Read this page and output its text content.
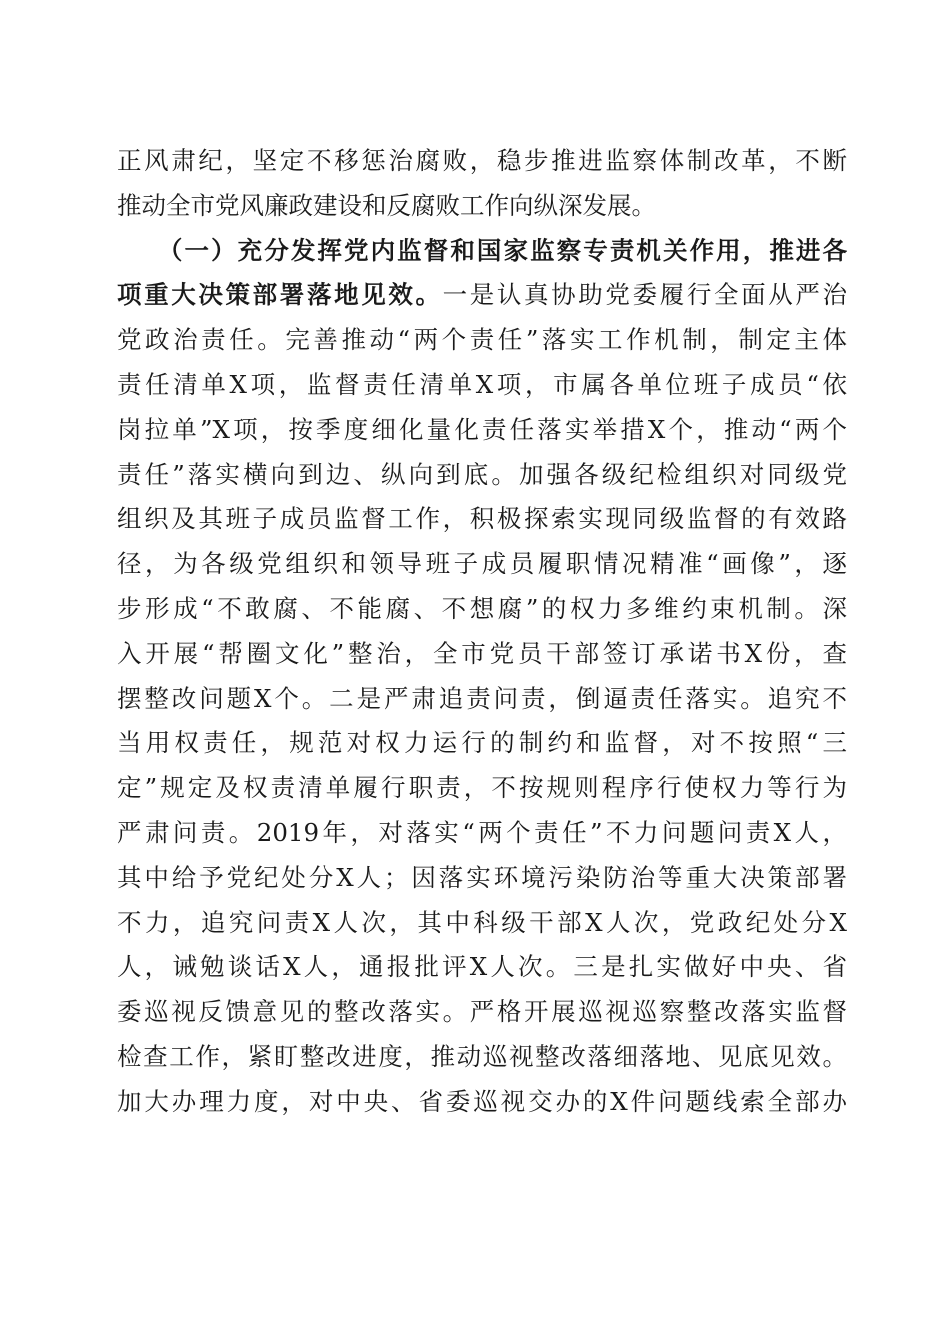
正风肃纪，坚定不移惩治腐败，稳步推进监察体制改革，不断
推动全市党风廉政建设和反腐败工作向纵深发展。
　　（一）充分发挥党内监督和国家监察专责机关作用，推进各
项重大决策部署落地见效。一是认真协助党委履行全面从严治
党政治责任。完善推动“两个责任”落实工作机制，制定主体
责任清单X项，监督责任清单X项，市属各单位班子成员“依
岗拉单”X项，按季度细化量化责任落实举措X个，推动“两个
责任”落实横向到边、纵向到底。加强各级纪检组织对同级党
组织及其班子成员监督工作，积极探索实现同级监督的有效路
径，为各级党组织和领导班子成员履职情况精准“画像”，逐
步形成“不敢腐、不能腐、不想腐”的权力多维约束机制。深
入开展“帮圈文化”整治，全市党员干部签订承诺书X份，查
摆整改问题X个。二是严肃追责问责，倒逼责任落实。追究不
当用权责任，规范对权力运行的制约和监督，对不按照“三
定”规定及权责清单履行职责，不按规则程序行使权力等行为
严肃问责。2019年，对落实“两个责任”不力问题问责X人，
其中给予党纪处分X人；因落实环境污染防治等重大决策部署
不力，追究问责X人次，其中科级干部X人次，党政纪处分X
人，诫勉谈话X人，通报批评X人次。三是扎实做好中央、省
委巡视反馈意见的整改落实。严格开展巡视巡察整改落实监督
检查工作，紧盯整改进度，推动巡视整改落细落地、见底见效。
加大办理力度，对中央、省委巡视交办的X件问题线索全部办
